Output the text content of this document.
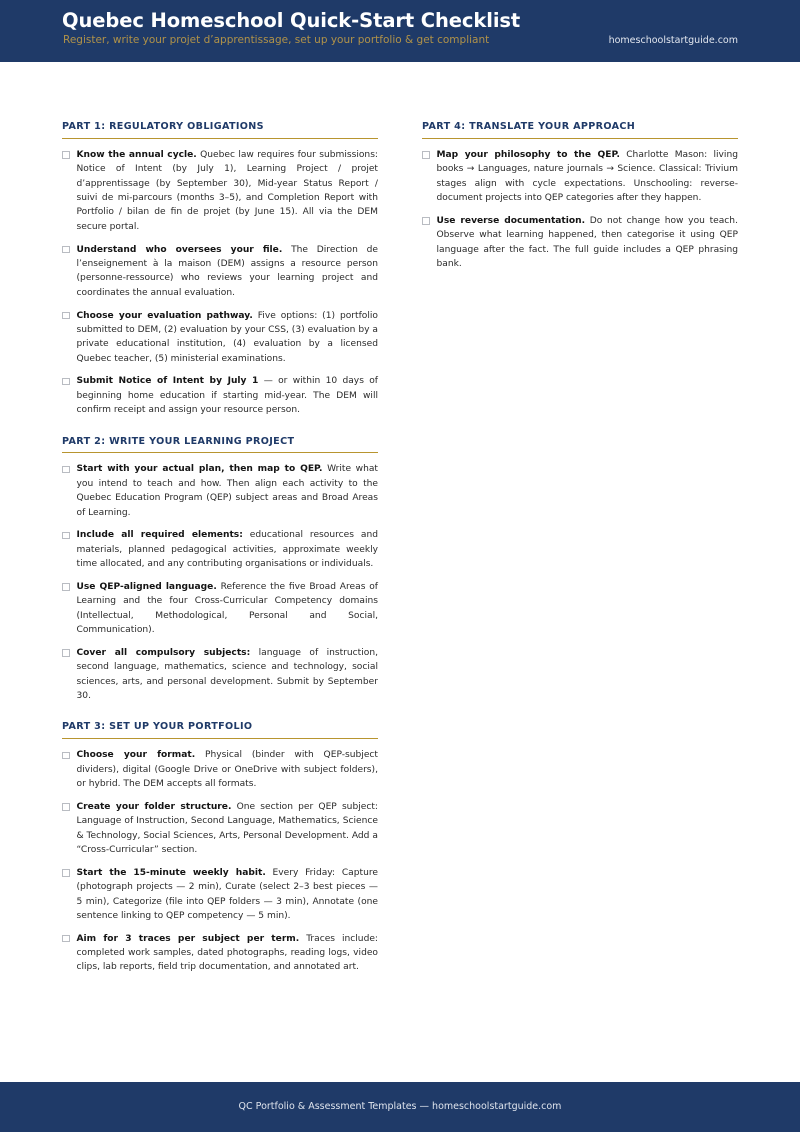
Quebec Homeschool Quick-Start Checklist
Register, write your projet d’apprentissage, set up your portfolio & get compliant	homeschoolstartguide.com
PART 1: REGULATORY OBLIGATIONS
Know the annual cycle. Quebec law requires four submissions: Notice of Intent (by July 1), Learning Project / projet d’apprentissage (by September 30), Mid-year Status Report / suivi de mi-parcours (months 3–5), and Completion Report with Portfolio / bilan de fin de projet (by June 15). All via the DEM secure portal.
Understand who oversees your file. The Direction de l’enseignement à la maison (DEM) assigns a resource person (personne-ressource) who reviews your learning project and coordinates the annual evaluation.
Choose your evaluation pathway. Five options: (1) portfolio submitted to DEM, (2) evaluation by your CSS, (3) evaluation by a private educational institution, (4) evaluation by a licensed Quebec teacher, (5) ministerial examinations.
Submit Notice of Intent by July 1 — or within 10 days of beginning home education if starting mid-year. The DEM will confirm receipt and assign your resource person.
PART 2: WRITE YOUR LEARNING PROJECT
Start with your actual plan, then map to QEP. Write what you intend to teach and how. Then align each activity to the Quebec Education Program (QEP) subject areas and Broad Areas of Learning.
Include all required elements: educational resources and materials, planned pedagogical activities, approximate weekly time allocated, and any contributing organisations or individuals.
Use QEP-aligned language. Reference the five Broad Areas of Learning and the four Cross-Curricular Competency domains (Intellectual, Methodological, Personal and Social, Communication).
Cover all compulsory subjects: language of instruction, second language, mathematics, science and technology, social sciences, arts, and personal development. Submit by September 30.
PART 3: SET UP YOUR PORTFOLIO
Choose your format. Physical (binder with QEP-subject dividers), digital (Google Drive or OneDrive with subject folders), or hybrid. The DEM accepts all formats.
Create your folder structure. One section per QEP subject: Language of Instruction, Second Language, Mathematics, Science & Technology, Social Sciences, Arts, Personal Development. Add a “Cross-Curricular” section.
Start the 15-minute weekly habit. Every Friday: Capture (photograph projects — 2 min), Curate (select 2–3 best pieces — 5 min), Categorize (file into QEP folders — 3 min), Annotate (one sentence linking to QEP competency — 5 min).
Aim for 3 traces per subject per term. Traces include: completed work samples, dated photographs, reading logs, video clips, lab reports, field trip documentation, and annotated art.
PART 4: TRANSLATE YOUR APPROACH
Map your philosophy to the QEP. Charlotte Mason: living books → Languages, nature journals → Science. Classical: Trivium stages align with cycle expectations. Unschooling: reverse-document projects into QEP categories after they happen.
Use reverse documentation. Do not change how you teach. Observe what learning happened, then categorise it using QEP language after the fact. The full guide includes a QEP phrasing bank.
QC Portfolio & Assessment Templates — homeschoolstartguide.com
